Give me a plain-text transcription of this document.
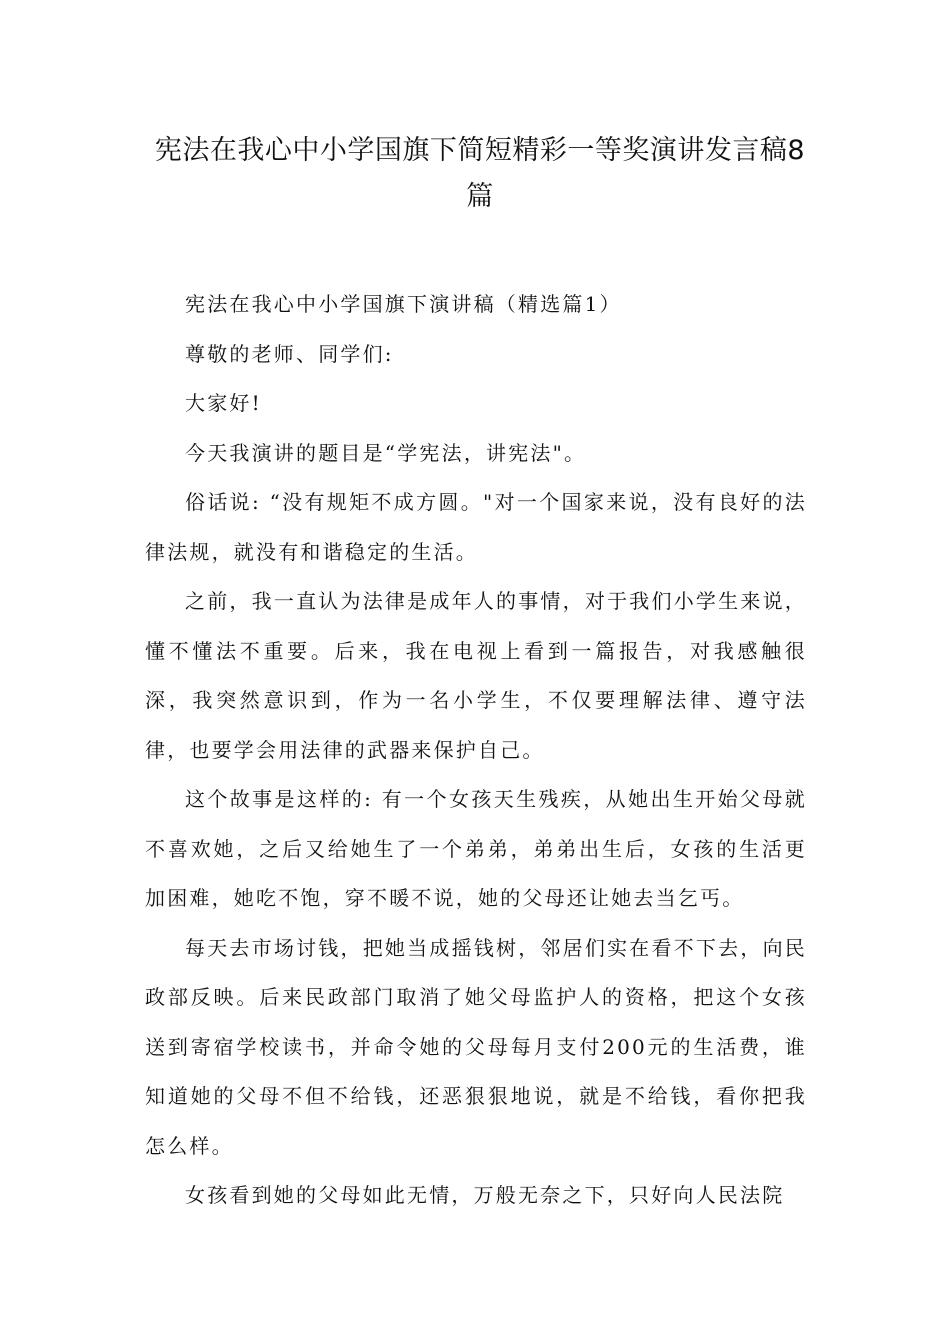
宪法在我心中小学国旗下简短精彩一等奖演讲发言稿8篇

宪法在我心中小学国旗下演讲稿（精选篇1）

尊敬的老师、同学们:

大家好!

今天我演讲的题目是“学宪法，讲宪法"。

俗话说: “没有规矩不成方圆。"对一个国家来说，没有良好的法律法规，就没有和谐稳定的生活。

之前，我一直认为法律是成年人的事情，对于我们小学生来说，懂不懂法不重要。后来，我在电视上看到一篇报告，对我感触很深，我突然意识到，作为一名小学生，不仅要理解法律、遵守法律，也要学会用法律的武器来保护自己。

这个故事是这样的: 有一个女孩天生残疾，从她出生开始父母就不喜欢她，之后又给她生了一个弟弟，弟弟出生后，女孩的生活更加困难，她吃不饱，穿不暖不说，她的父母还让她去当乞丐。

每天去市场讨钱，把她当成摇钱树，邻居们实在看不下去，向民政部反映。后来民政部门取消了她父母监护人的资格，把这个女孩送到寄宿学校读书，并命令她的父母每月支付200元的生活费，谁知道她的父母不但不给钱，还恶狠狠地说，就是不给钱，看你把我怎么样。

女孩看到她的父母如此无情，万般无奈之下，只好向人民法院
